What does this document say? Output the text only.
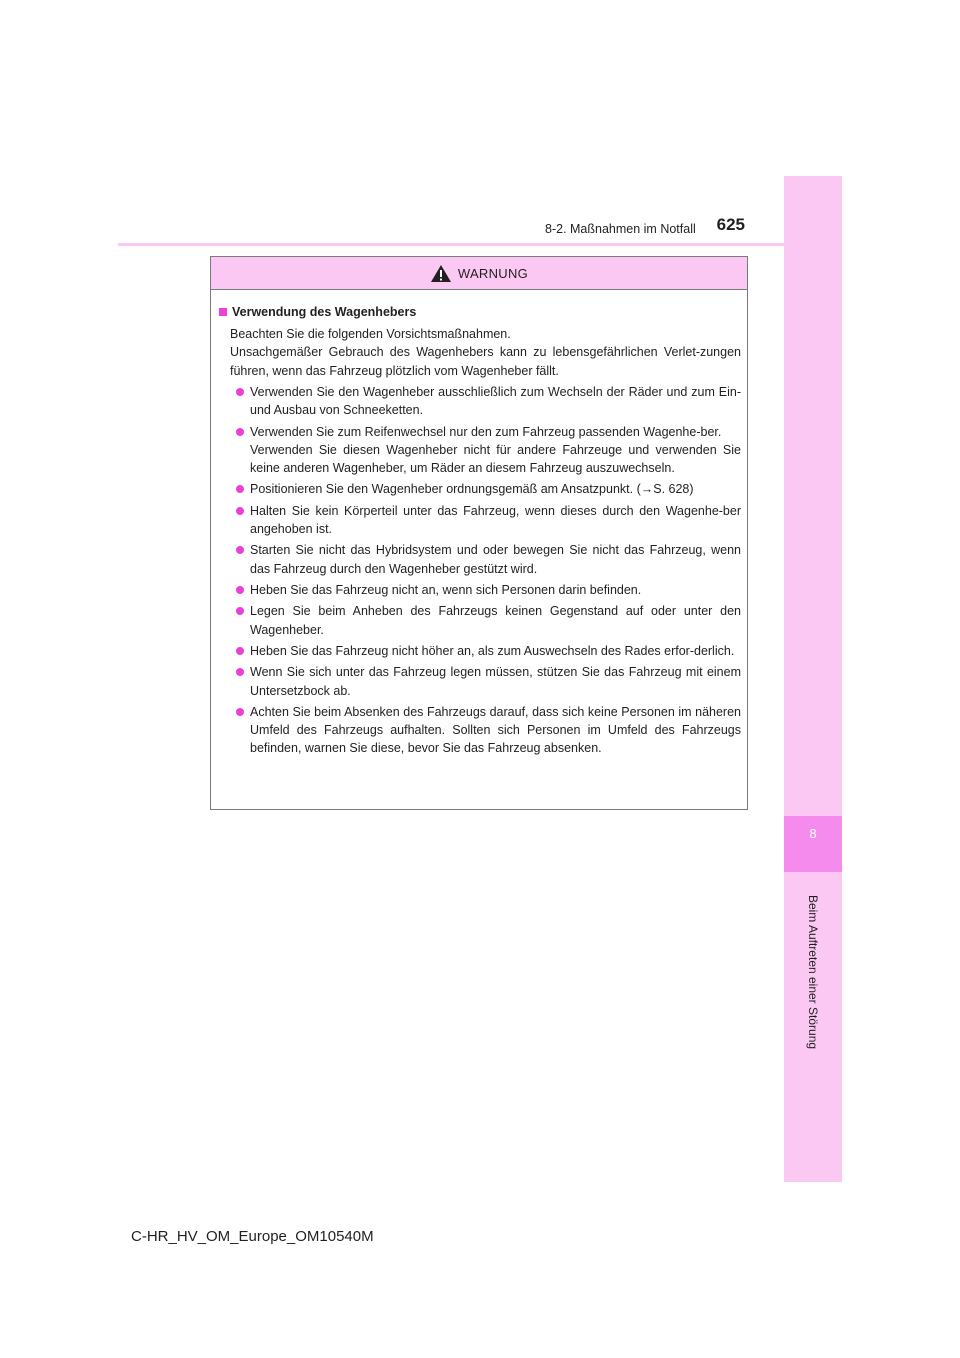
8
Beim Auftreten einer Störung
625
8-2. Maßnahmen im Notfall
WARNUNG
Verwendung des Wagenhebers

Beachten Sie die folgenden Vorsichtsmaßnahmen.

Unsachgemäßer Gebrauch des Wagenhebers kann zu lebensgefährlichen Verlet-zungen führen, wenn das Fahrzeug plötzlich vom Wagenheber fällt.

Verwenden Sie den Wagenheber ausschließlich zum Wechseln der Räder und zum Ein- und Ausbau von Schneeketten.
Verwenden Sie zum Reifenwechsel nur den zum Fahrzeug passenden Wagenhe-ber.
Verwenden Sie diesen Wagenheber nicht für andere Fahrzeuge und verwenden Sie keine anderen Wagenheber, um Räder an diesem Fahrzeug auszuwechseln.
Positionieren Sie den Wagenheber ordnungsgemäß am Ansatzpunkt. (→S. 628)
Halten Sie kein Körperteil unter das Fahrzeug, wenn dieses durch den Wagenhe-ber angehoben ist.
Starten Sie nicht das Hybridsystem und oder bewegen Sie nicht das Fahrzeug, wenn das Fahrzeug durch den Wagenheber gestützt wird.
Heben Sie das Fahrzeug nicht an, wenn sich Personen darin befinden.
Legen Sie beim Anheben des Fahrzeugs keinen Gegenstand auf oder unter den Wagenheber.
Heben Sie das Fahrzeug nicht höher an, als zum Auswechseln des Rades erfor-derlich.
Wenn Sie sich unter das Fahrzeug legen müssen, stützen Sie das Fahrzeug mit einem Untersetzbock ab.
Achten Sie beim Absenken des Fahrzeugs darauf, dass sich keine Personen im näheren Umfeld des Fahrzeugs aufhalten. Sollten sich Personen im Umfeld des Fahrzeugs befinden, warnen Sie diese, bevor Sie das Fahrzeug absenken.
C-HR_HV_OM_Europe_OM10540M
